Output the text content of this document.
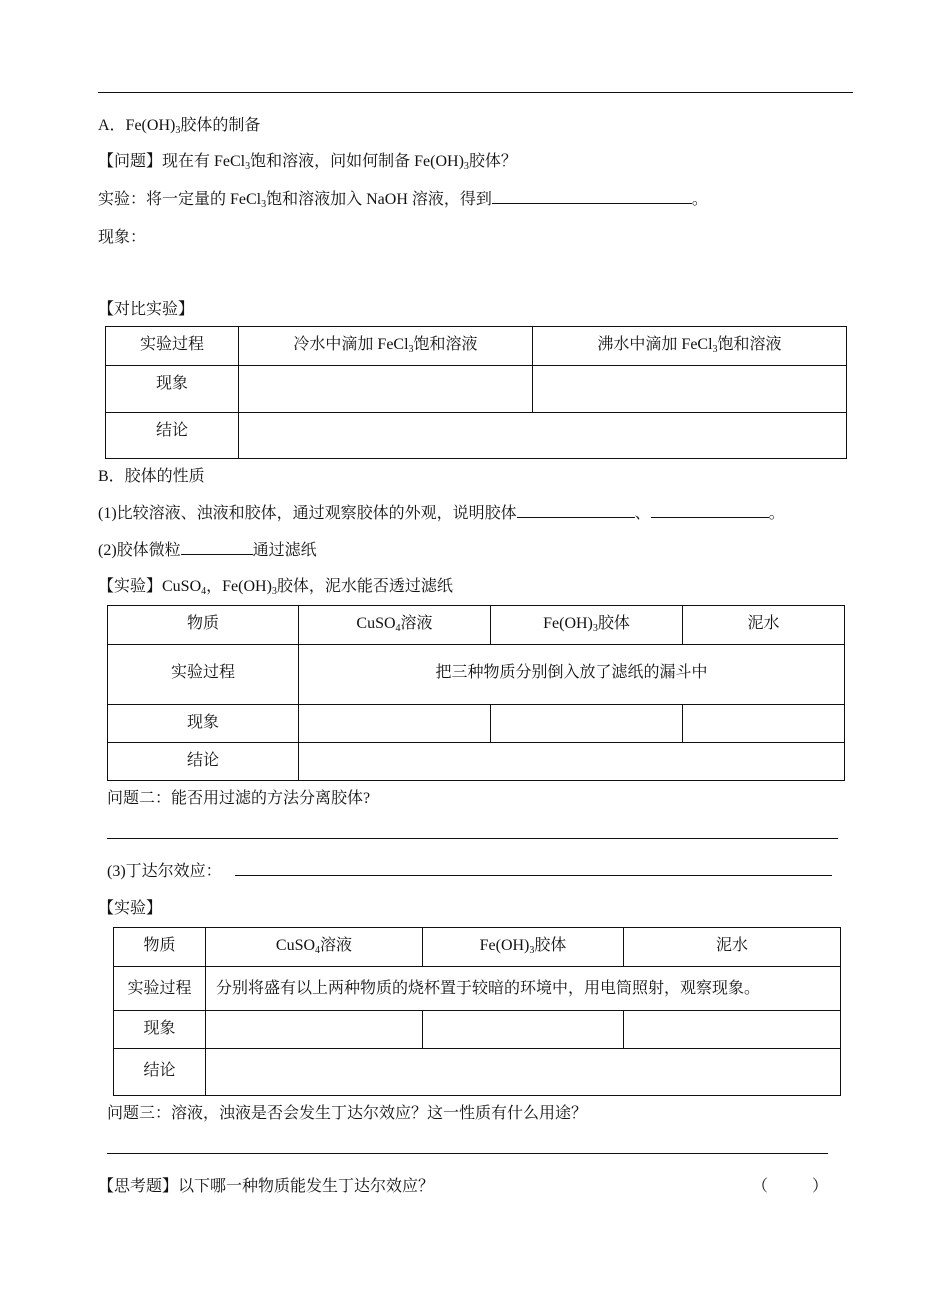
A．$Fe(OH)_3$胶体的制备
【问题】现在有 FeCl$_3$饱和溶液，问如何制备 $Fe(OH)_3$胶体？
实验：将一定量的 FeCl$_3$饱和溶液加入 NaOH 溶液，得到	。
现象：
【对比实验】
实验过程	冷水中滴加 FeCl$_3$饱和溶液	沸水中滴加 FeCl$_3$饱和溶液
现象		
结论		
B．胶体的性质
(1)比较溶液、浊液和胶体，通过观察胶体的外观，说明胶体	、	。
(2)胶体微粒	通过滤纸
【实验】CuSO$_4$，$Fe(OH)_3$胶体，泥水能否透过滤纸
物质	CuSO$_4$溶液	$Fe(OH)_3$胶体	泥水
实验过程	把三种物质分别倒入放了滤纸的漏斗中		
现象			
结论			
问题二：能否用过滤的方法分离胶体?
(3)丁达尔效应：
【实验】
物质	CuSO$_4$溶液	$Fe(OH)_3$胶体	泥水
实验过程	分别将盛有以上两种物质的烧杯置于较暗的环境中，用电筒照射，观察现象。		
现象			
结论			
问题三：溶液，浊液是否会发生丁达尔效应？这一性质有什么用途？
【思考题】以下哪一种物质能发生丁达尔效应？	（	）
